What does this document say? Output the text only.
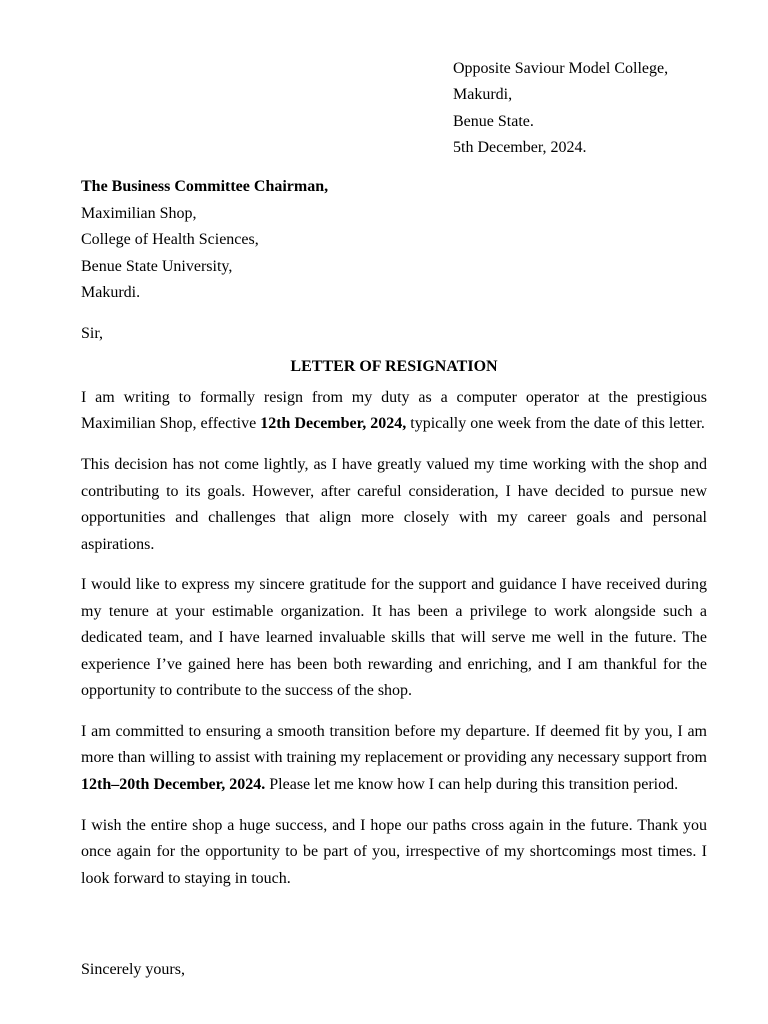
Opposite Saviour Model College,
Makurdi,
Benue State.
5th December, 2024.
The Business Committee Chairman,
Maximilian Shop,
College of Health Sciences,
Benue State University,
Makurdi.
Sir,
LETTER OF RESIGNATION

I am writing to formally resign from my duty as a computer operator at the prestigious Maximilian Shop, effective 12th December, 2024, typically one week from the date of this letter.

This decision has not come lightly, as I have greatly valued my time working with the shop and contributing to its goals. However, after careful consideration, I have decided to pursue new opportunities and challenges that align more closely with my career goals and personal aspirations.

I would like to express my sincere gratitude for the support and guidance I have received during my tenure at your estimable organization. It has been a privilege to work alongside such a dedicated team, and I have learned invaluable skills that will serve me well in the future. The experience I’ve gained here has been both rewarding and enriching, and I am thankful for the opportunity to contribute to the success of the shop.

I am committed to ensuring a smooth transition before my departure. If deemed fit by you, I am more than willing to assist with training my replacement or providing any necessary support from 12th–20th December, 2024. Please let me know how I can help during this transition period.

I wish the entire shop a huge success, and I hope our paths cross again in the future. Thank you once again for the opportunity to be part of you, irrespective of my shortcomings most times. I look forward to staying in touch.

Sincerely yours,
